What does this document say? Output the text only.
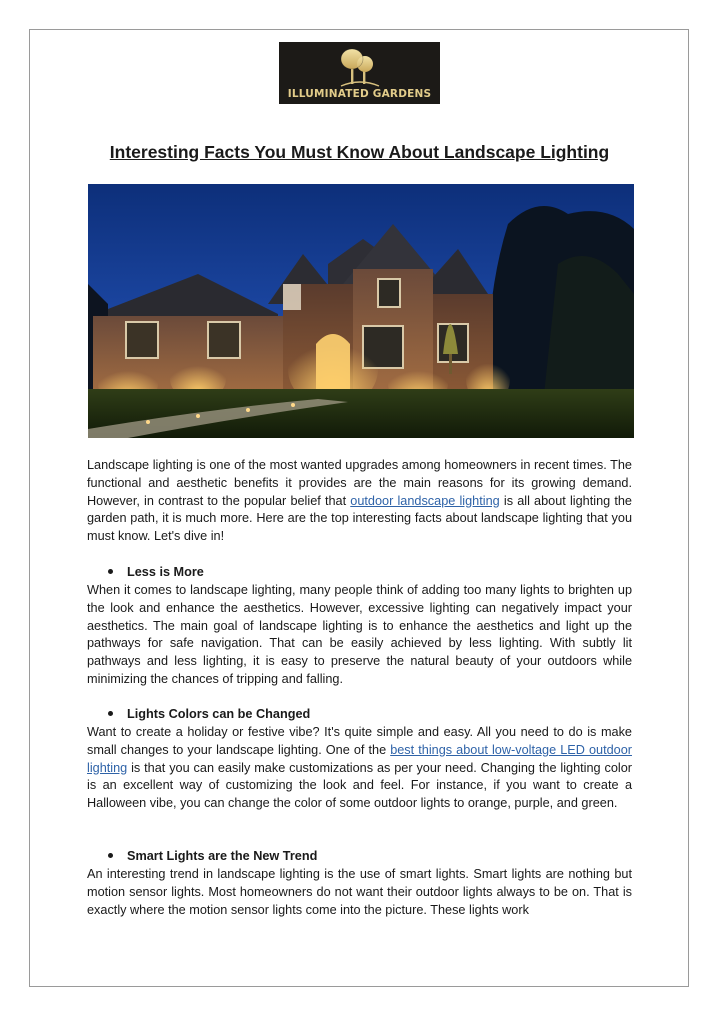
ILLUMINATED GARDENS
Interesting Facts You Must Know About Landscape Lighting

Landscape lighting is one of the most wanted upgrades among homeowners in recent times. The functional and aesthetic benefits it provides are the main reasons for its growing demand. However, in contrast to the popular belief that outdoor landscape lighting is all about lighting the garden path, it is much more. Here are the top interesting facts about landscape lighting that you must know. Let's dive in!

Less is More

When it comes to landscape lighting, many people think of adding too many lights to brighten up the look and enhance the aesthetics. However, excessive lighting can negatively impact your aesthetics. The main goal of landscape lighting is to enhance the aesthetics and light up the pathways for safe navigation. That can be easily achieved by less lighting. With subtly lit pathways and less lighting, it is easy to preserve the natural beauty of your outdoors while minimizing the chances of tripping and falling.

Lights Colors can be Changed

Want to create a holiday or festive vibe? It's quite simple and easy. All you need to do is make small changes to your landscape lighting. One of the best things about low-voltage LED outdoor lighting is that you can easily make customizations as per your need. Changing the lighting color is an excellent way of customizing the look and feel. For instance, if you want to create a Halloween vibe, you can change the color of some outdoor lights to orange, purple, and green.

Smart Lights are the New Trend

An interesting trend in landscape lighting is the use of smart lights. Smart lights are nothing but motion sensor lights. Most homeowners do not want their outdoor lights always to be on. That is exactly where the motion sensor lights come into the picture. These lights work
